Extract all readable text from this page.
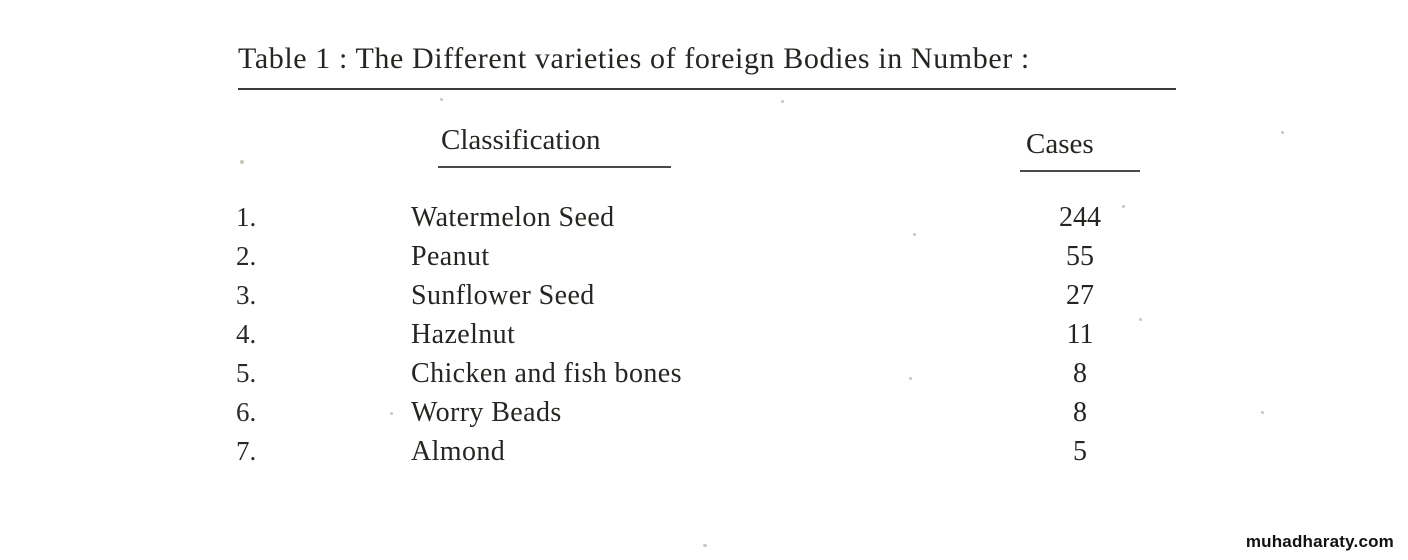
Table 1 : The Different varieties of foreign Bodies in Number :
Classification	Cases
1.	Watermelon Seed	244
2.	Peanut	55
3.	Sunflower Seed	27
4.	Hazelnut	11
5.	Chicken and fish bones	8
6.	Worry Beads	8
7.	Almond	5
muhadharaty.com
